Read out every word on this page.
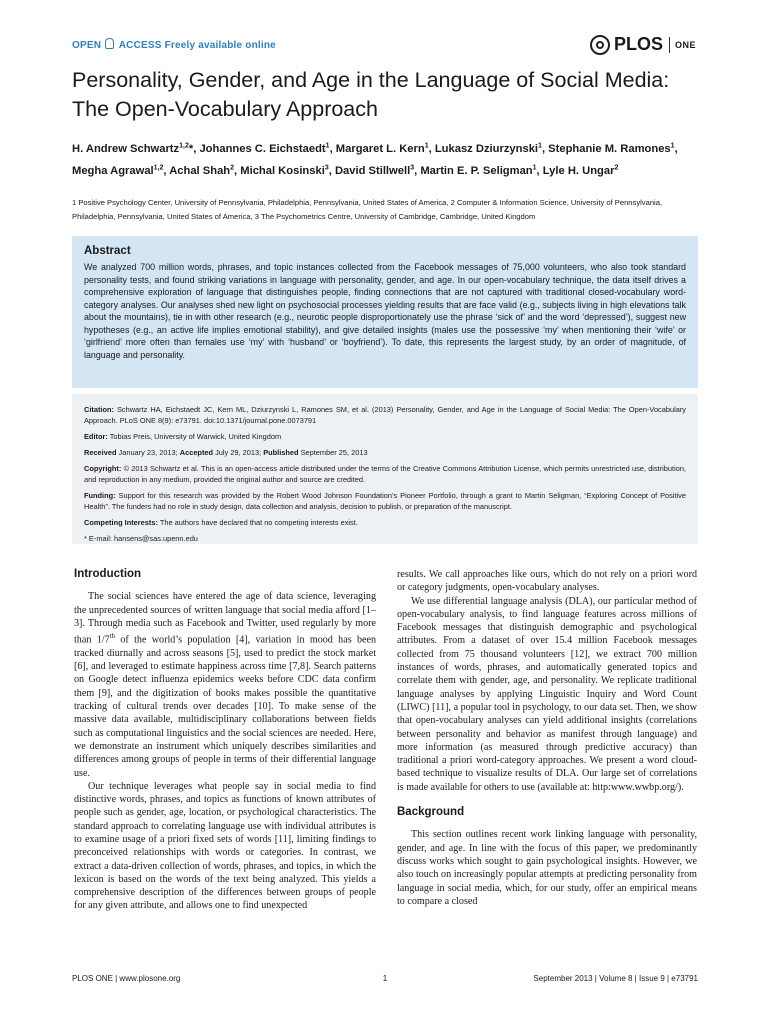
OPEN ACCESS Freely available online	PLOS ONE
Personality, Gender, and Age in the Language of Social Media: The Open-Vocabulary Approach
H. Andrew Schwartz$^{1,2}$*, Johannes C. Eichstaedt$^1$, Margaret L. Kern$^1$, Lukasz Dziurzynski$^1$, Stephanie M. Ramones$^1$, Megha Agrawal$^{1,2}$, Achal Shah$^2$, Michal Kosinski$^3$, David Stillwell$^3$, Martin E. P. Seligman$^1$, Lyle H. Ungar$^2$
1 Positive Psychology Center, University of Pennsylvania, Philadelphia, Pennsylvania, United States of America, 2 Computer & Information Science, University of Pennsylvania, Philadelphia, Pennsylvania, United States of America, 3 The Psychometrics Centre, University of Cambridge, Cambridge, United Kingdom
Abstract

We analyzed 700 million words, phrases, and topic instances collected from the Facebook messages of 75,000 volunteers, who also took standard personality tests, and found striking variations in language with personality, gender, and age. In our open-vocabulary technique, the data itself drives a comprehensive exploration of language that distinguishes people, finding connections that are not captured with traditional closed-vocabulary word-category analyses. Our analyses shed new light on psychosocial processes yielding results that are face valid (e.g., subjects living in high elevations talk about the mountains), tie in with other research (e.g., neurotic people disproportionately use the phrase ‘sick of’ and the word ‘depressed’), suggest new hypotheses (e.g., an active life implies emotional stability), and give detailed insights (males use the possessive ‘my’ when mentioning their ‘wife’ or ‘girlfriend’ more often than females use ‘my’ with ‘husband’ or ‘boyfriend’). To date, this represents the largest study, by an order of magnitude, of language and personality.

Citation: Schwartz HA, Eichstaedt JC, Kern ML, Dziurzynski L, Ramones SM, et al. (2013) Personality, Gender, and Age in the Language of Social Media: The Open-Vocabulary Approach. PLoS ONE 8(9): e73791. doi:10.1371/journal.pone.0073791

Editor: Tobias Preis, University of Warwick, United Kingdom

Received January 23, 2013; Accepted July 29, 2013; Published September 25, 2013

Copyright: © 2013 Schwartz et al. This is an open-access article distributed under the terms of the Creative Commons Attribution License, which permits unrestricted use, distribution, and reproduction in any medium, provided the original author and source are credited.

Funding: Support for this research was provided by the Robert Wood Johnson Foundation’s Pioneer Portfolio, through a grant to Martin Seligman, “Exploring Concept of Positive Health”. The funders had no role in study design, data collection and analysis, decision to publish, or preparation of the manuscript.

Competing Interests: The authors have declared that no competing interests exist.

* E-mail: hansens@sas.upenn.edu

Introduction

The social sciences have entered the age of data science, leveraging the unprecedented sources of written language that social media afford [1–3]. Through media such as Facebook and Twitter, used regularly by more than 1/7th of the world’s population [4], variation in mood has been tracked diurnally and across seasons [5], used to predict the stock market [6], and leveraged to estimate happiness across time [7,8]. Search patterns on Google detect influenza epidemics weeks before CDC data confirm them [9], and the digitization of books makes possible the quantitative tracking of cultural trends over decades [10]. To make sense of the massive data available, multidisciplinary collaborations between fields such as computational linguistics and the social sciences are needed. Here, we demonstrate an instrument which uniquely describes similarities and differences among groups of people in terms of their differential language use.

Our technique leverages what people say in social media to find distinctive words, phrases, and topics as functions of known attributes of people such as gender, age, location, or psychological characteristics. The standard approach to correlating language use with individual attributes is to examine usage of a priori fixed sets of words [11], limiting findings to preconceived relationships with words or categories. In contrast, we extract a data-driven collection of words, phrases, and topics, in which the lexicon is based on the words of the text being analyzed. This yields a comprehensive description of the differences between groups of people for any given attribute, and allows one to find unexpected

results. We call approaches like ours, which do not rely on a priori word or category judgments, open-vocabulary analyses.

We use differential language analysis (DLA), our particular method of open-vocabulary analysis, to find language features across millions of Facebook messages that distinguish demographic and psychological attributes. From a dataset of over 15.4 million Facebook messages collected from 75 thousand volunteers [12], we extract 700 million instances of words, phrases, and automatically generated topics and correlate them with gender, age, and personality. We replicate traditional language analyses by applying Linguistic Inquiry and Word Count (LIWC) [11], a popular tool in psychology, to our data set. Then, we show that open-vocabulary analyses can yield additional insights (correlations between personality and behavior as manifest through language) and more information (as measured through predictive accuracy) than traditional a priori word-category approaches. We present a word cloud-based technique to visualize results of DLA. Our large set of correlations is made available for others to use (available at: http:www.wwbp.org/).

Background

This section outlines recent work linking language with personality, gender, and age. In line with the focus of this paper, we predominantly discuss works which sought to gain psychological insights. However, we also touch on increasingly popular attempts at predicting personality from language in social media, which, for our study, offer an empirical means to compare a closed

PLOS ONE | www.plosone.org	1	September 2013 | Volume 8 | Issue 9 | e73791
